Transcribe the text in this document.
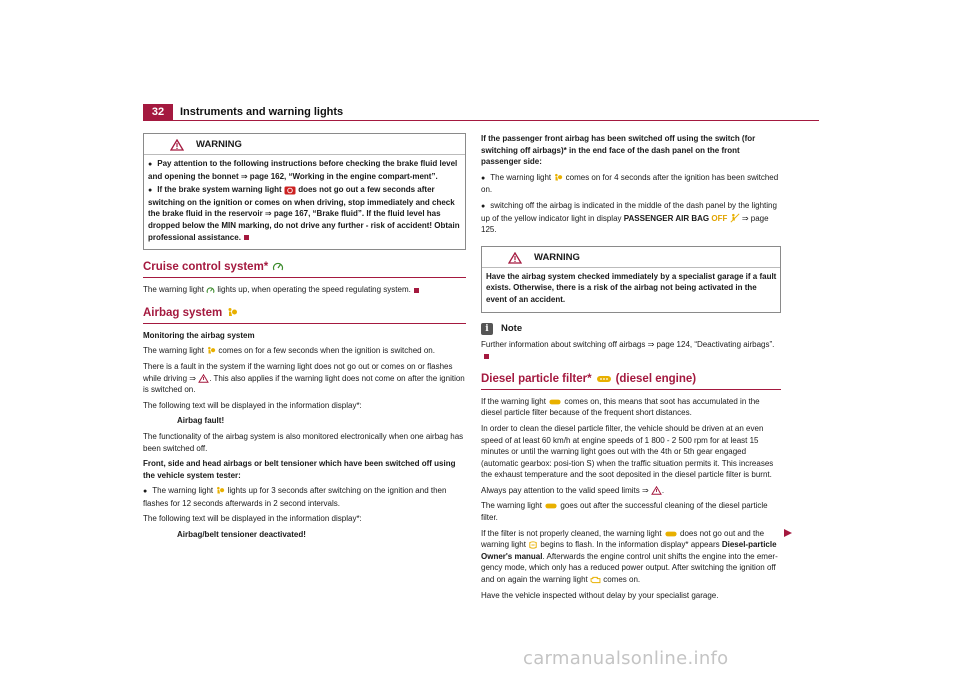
32	Instruments and warning lights
WARNING

● Pay attention to the following instructions before checking the brake fluid level and opening the bonnet ⇒ page 162, “Working in the engine compart-ment”.

● If the brake system warning light does not go out a few seconds after switching on the ignition or comes on when driving, stop immediately and check the brake fluid in the reservoir ⇒ page 167, “Brake fluid”. If the fluid level has dropped below the MIN marking, do not drive any further - risk of accident! Obtain professional assistance.

Cruise control system*

The warning light lights up, when operating the speed regulating system.

Airbag system

Monitoring the airbag system

The warning light comes on for a few seconds when the ignition is switched on.

There is a fault in the system if the warning light does not go out or comes on or flashes while driving ⇒ . This also applies if the warning light does not come on after the ignition is switched on.

The following text will be displayed in the information display*:

Airbag fault!

The functionality of the airbag system is also monitored electronically when one airbag has been switched off.

Front, side and head airbags or belt tensioner which have been switched off using the vehicle system tester:

● The warning light lights up for 3 seconds after switching on the ignition and then flashes for 12 seconds afterwards in 2 second intervals.

The following text will be displayed in the information display*:

Airbag/belt tensioner deactivated!

If the passenger front airbag has been switched off using the switch (for switching off airbags)* in the end face of the dash panel on the front passenger side:

● The warning light comes on for 4 seconds after the ignition has been switched on.

● switching off the airbag is indicated in the middle of the dash panel by the lighting up of the yellow indicator light in display PASSENGER AIR BAG OFF ⇒ page 125.

WARNING

Have the airbag system checked immediately by a specialist garage if a fault exists. Otherwise, there is a risk of the airbag not being activated in the event of an accident.

i	Note

Further information about switching off airbags ⇒ page 124, “Deactivating airbags”.

Diesel particle filter* (diesel engine)

If the warning light comes on, this means that soot has accumulated in the diesel particle filter because of the frequent short distances.

In order to clean the diesel particle filter, the vehicle should be driven at an even speed of at least 60 km/h at engine speeds of 1 800 - 2 500 rpm for at least 15 minutes or until the warning light goes out with the 4th or 5th gear engaged (automatic gearbox: posi-tion S) when the traffic situation permits it. This increases the exhaust temperature and the soot deposited in the diesel particle filter is burnt.

Always pay attention to the valid speed limits ⇒ .

The warning light goes out after the successful cleaning of the diesel particle filter.

If the filter is not properly cleaned, the warning light does not go out and the warning light begins to flash. In the information display* appears Diesel-particle Owner's manual. Afterwards the engine control unit shifts the engine into the emer-gency mode, which only has a reduced power output. After switching the ignition off and on again the warning light comes on.

Have the vehicle inspected without delay by your specialist garage.

carmanualsonline.info
